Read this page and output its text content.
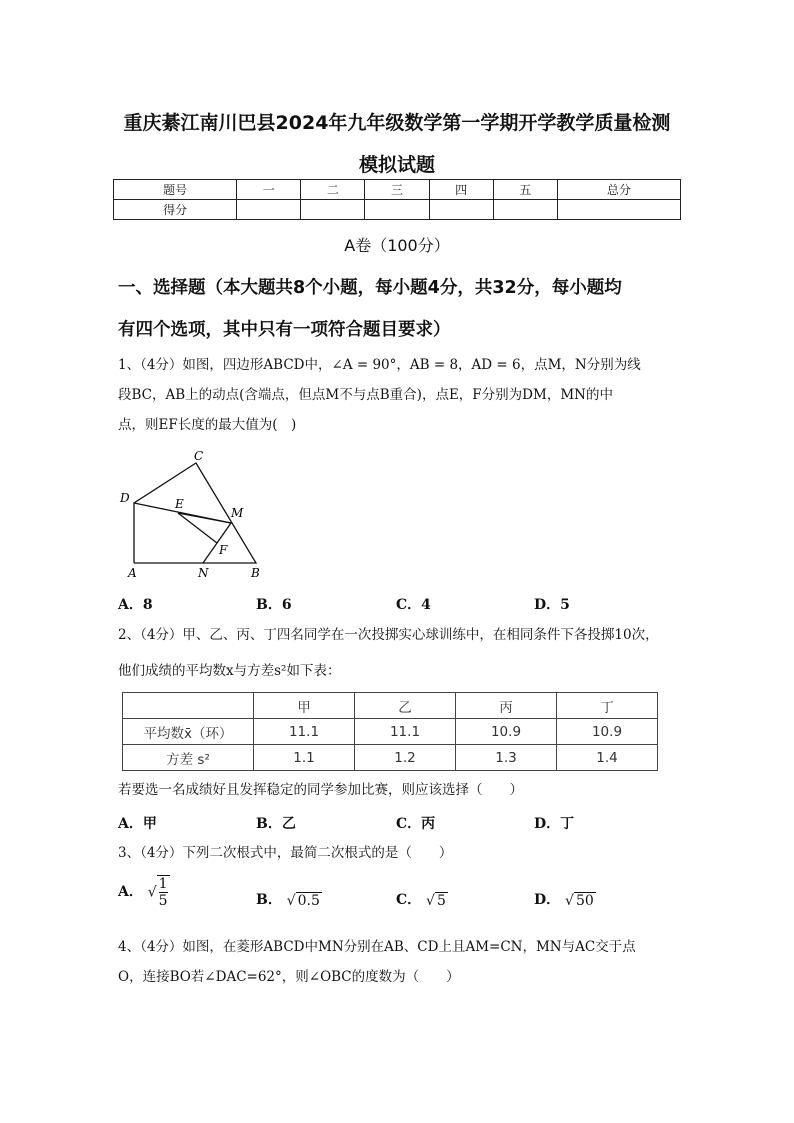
重庆綦江南川巴县2024年九年级数学第一学期开学教学质量检测
模拟试题
题号	一	二	三	四	五	总分
得分						
A卷（100分）
一、选择题（本大题共8个小题，每小题4分，共32分，每小题均
有四个选项，其中只有一项符合题目要求）
1、（4分）如图，四边形ABCD中，∠A = 90°，AB = 8，AD = 6，点M，N分别为线
段BC，AB上的动点(含端点，但点M不与点B重合)，点E，F分别为DM，MN的中
点，则EF长度的最大值为(　)
C
D	E
M
F
A	N	B
A．8	B．6	C．4	D．5
2、（4分）甲、乙、丙、丁四名同学在一次投掷实心球训练中，在相同条件下各投掷10次，
他们成绩的平均数x与方差s²如下表：
	甲	乙	丙	丁
平均数x̄（环）	11.1	11.1	10.9	10.9
方差 s²	1.1	1.2	1.3	1.4
若要选一名成绩好且发挥稳定的同学参加比赛，则应该选择（　　）
A．甲	B．乙	C．丙	D．丁
3、（4分）下列二次根式中，最简二次根式的是（　　）
A． √ $\frac{1}{5}$	B． √ 0.5	C． √ 5	D． √ 50
4、（4分）如图，在菱形ABCD中MN分别在AB、CD上且AM=CN，MN与AC交于点
O，连接BO若∠DAC=62°，则∠OBC的度数为（　　）
